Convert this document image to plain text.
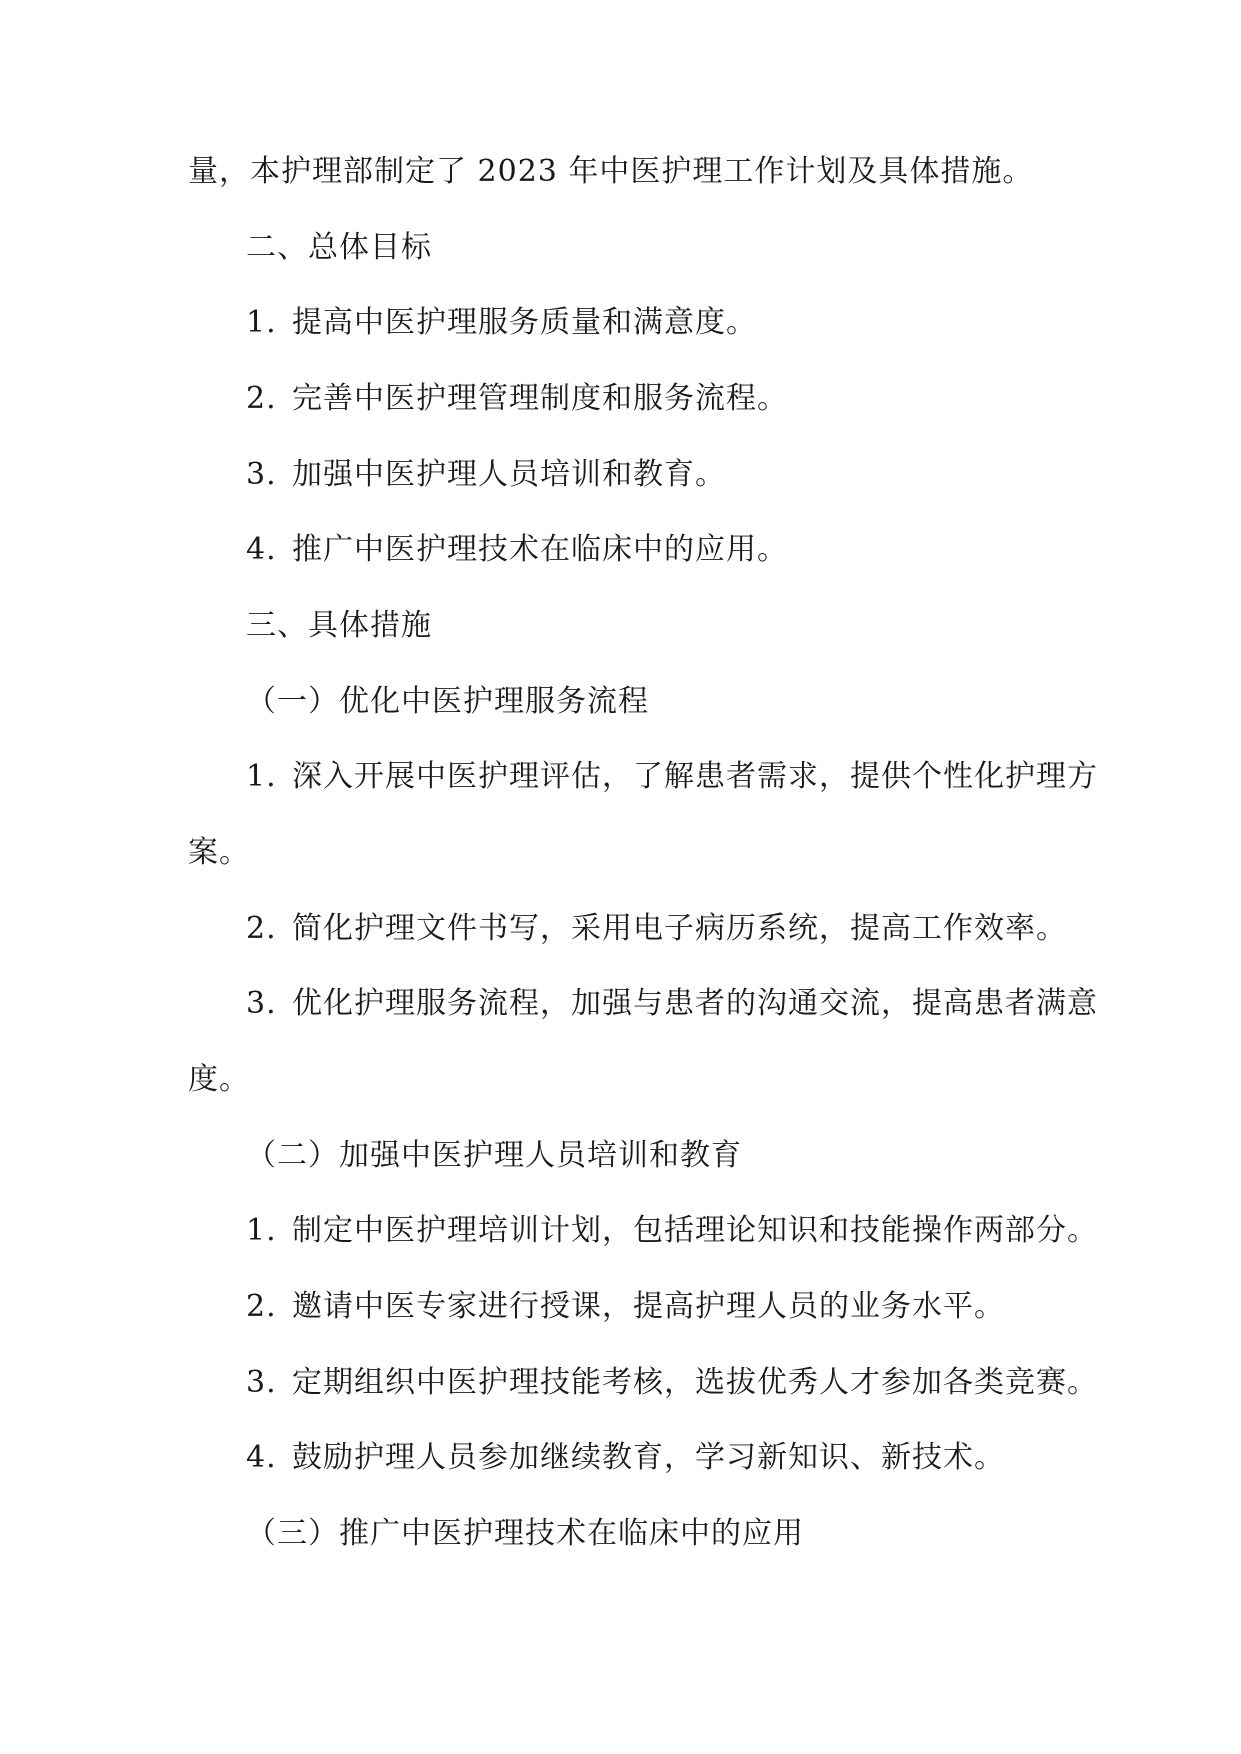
量，本护理部制定了 2023 年中医护理工作计划及具体措施。

二、总体目标

1. 提高中医护理服务质量和满意度。

2. 完善中医护理管理制度和服务流程。

3. 加强中医护理人员培训和教育。

4. 推广中医护理技术在临床中的应用。

三、具体措施

（一）优化中医护理服务流程

1. 深入开展中医护理评估，了解患者需求，提供个性化护理方

案。

2. 简化护理文件书写，采用电子病历系统，提高工作效率。

3. 优化护理服务流程，加强与患者的沟通交流，提高患者满意

度。

（二）加强中医护理人员培训和教育

1. 制定中医护理培训计划，包括理论知识和技能操作两部分。

2. 邀请中医专家进行授课，提高护理人员的业务水平。

3. 定期组织中医护理技能考核，选拔优秀人才参加各类竞赛。

4. 鼓励护理人员参加继续教育，学习新知识、新技术。

（三）推广中医护理技术在临床中的应用
